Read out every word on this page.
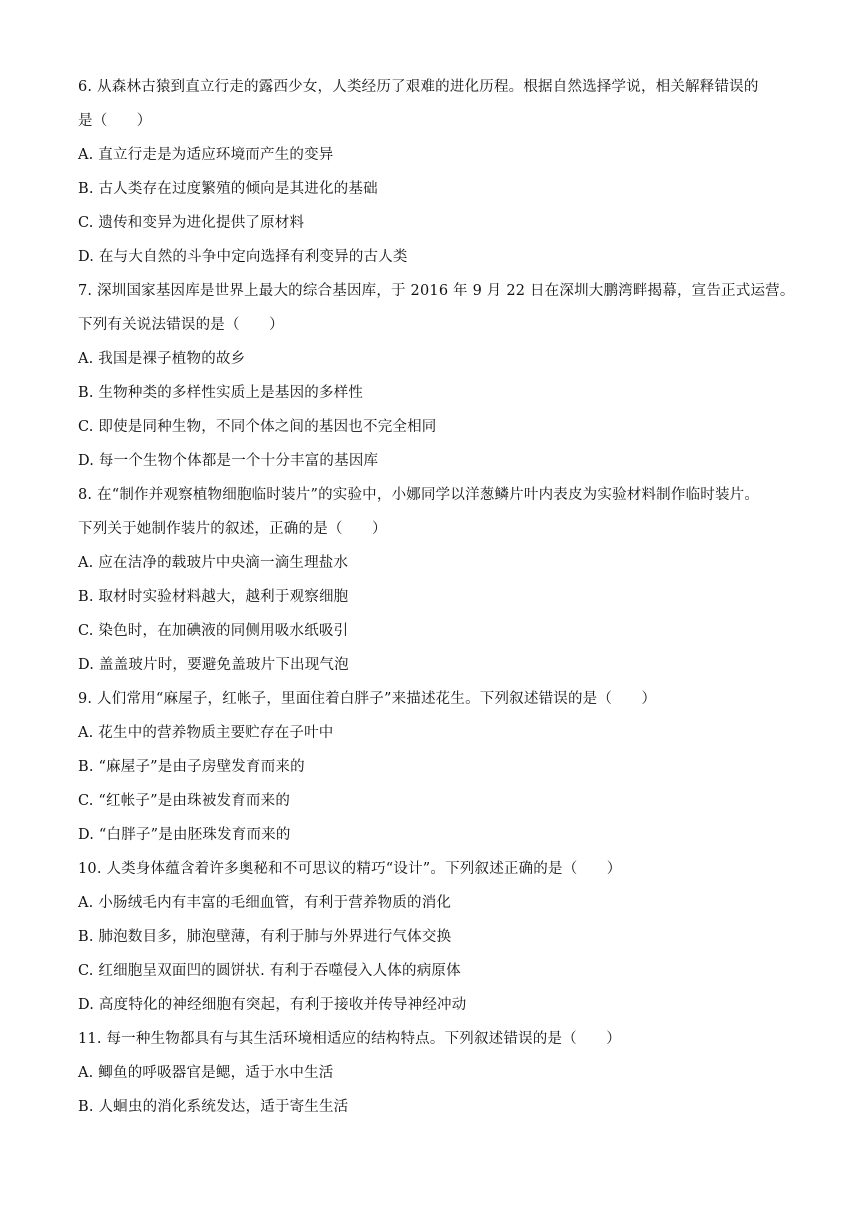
6. 从森林古猿到直立行走的露西少女，人类经历了艰难的进化历程。根据自然选择学说，相关解释错误的
是（　　）
A. 直立行走是为适应环境而产生的变异
B. 古人类存在过度繁殖的倾向是其进化的基础
C. 遗传和变异为进化提供了原材料
D. 在与大自然的斗争中定向选择有利变异的古人类
7. 深圳国家基因库是世界上最大的综合基因库，于 2016 年 9 月 22 日在深圳大鹏湾畔揭幕，宣告正式运营。
下列有关说法错误的是（　　）
A. 我国是裸子植物的故乡
B. 生物种类的多样性实质上是基因的多样性
C. 即使是同种生物，不同个体之间的基因也不完全相同
D. 每一个生物个体都是一个十分丰富的基因库
8. 在“制作并观察植物细胞临时装片”的实验中，小娜同学以洋葱鳞片叶内表皮为实验材料制作临时装片。
下列关于她制作装片的叙述，正确的是（　　）
A. 应在洁净的载玻片中央滴一滴生理盐水
B. 取材时实验材料越大，越利于观察细胞
C. 染色时，在加碘液的同侧用吸水纸吸引
D. 盖盖玻片时，要避免盖玻片下出现气泡
9. 人们常用“麻屋子，红帐子，里面住着白胖子”来描述花生。下列叙述错误的是（　　）
A. 花生中的营养物质主要贮存在子叶中
B. “麻屋子”是由子房壁发育而来的
C. “红帐子”是由珠被发育而来的
D. “白胖子”是由胚珠发育而来的
10. 人类身体蕴含着许多奥秘和不可思议的精巧“设计”。下列叙述正确的是（　　）
A. 小肠绒毛内有丰富的毛细血管，有利于营养物质的消化
B. 肺泡数目多，肺泡壁薄，有利于肺与外界进行气体交换
C. 红细胞呈双面凹的圆饼状. 有利于吞噬侵入人体的病原体
D. 高度特化的神经细胞有突起，有利于接收并传导神经冲动
11. 每一种生物都具有与其生活环境相适应的结构特点。下列叙述错误的是（　　）
A. 鲫鱼的呼吸器官是鳃，适于水中生活
B. 人蛔虫的消化系统发达，适于寄生生活
